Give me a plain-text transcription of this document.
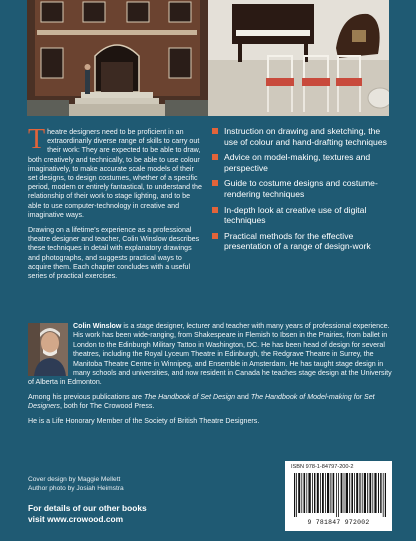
Theatre designers need to be proficient in an extraordinarily diverse range of skills to carry out their work: They are expected to be able to draw, both creatively and technically, to be able to use colour imaginatively, to make accurate scale models of their set designs, to design costumes, whether of a specific period, modern or entirely fantastical, to understand the relationship of their work to stage lighting, and to be able to use computer-technology in creative and imaginative ways.

Drawing on a lifetime's experience as a professional theatre designer and teacher, Colin Winslow describes these techniques in detail with explanatory drawings and photographs, and suggests practical ways to acquire them. Each chapter concludes with a useful series of practical exercises.

Instruction on drawing and sketching, the use of colour and hand-drafting techniques
Advice on model-making, textures and perspective
Guide to costume designs and costume-rendering techniques
In-depth look at creative use of digital techniques
Practical methods for the effective presentation of a range of design-work

Colin Winslow is a stage designer, lecturer and teacher with many years of professional experience. His work has been wide-ranging, from Shakespeare in Flemish to Ibsen in the Prairies, from ballet in London to the Edinburgh Military Tattoo in Washington, DC. He has been head of design for several theatres, including the Royal Lyceum Theatre in Edinburgh, the Redgrave Theatre in Surrey, the Manitoba Theatre Centre in Winnipeg, and Ensemble in Amsterdam. He has taught stage design in many schools and universities, and now resident in Canada he teaches stage design at the University of Alberta in Edmonton.

Among his previous publications are The Handbook of Set Design and The Handbook of Model-making for Set Designers, both for The Crowood Press.

He is a Life Honorary Member of the Society of British Theatre Designers.

Cover design by Maggie Mellett
Author photo by Josiah Heimstra
For details of our other books
visit www.crowood.com
ISBN 978-1-84797-200-2
9 781847 972002
